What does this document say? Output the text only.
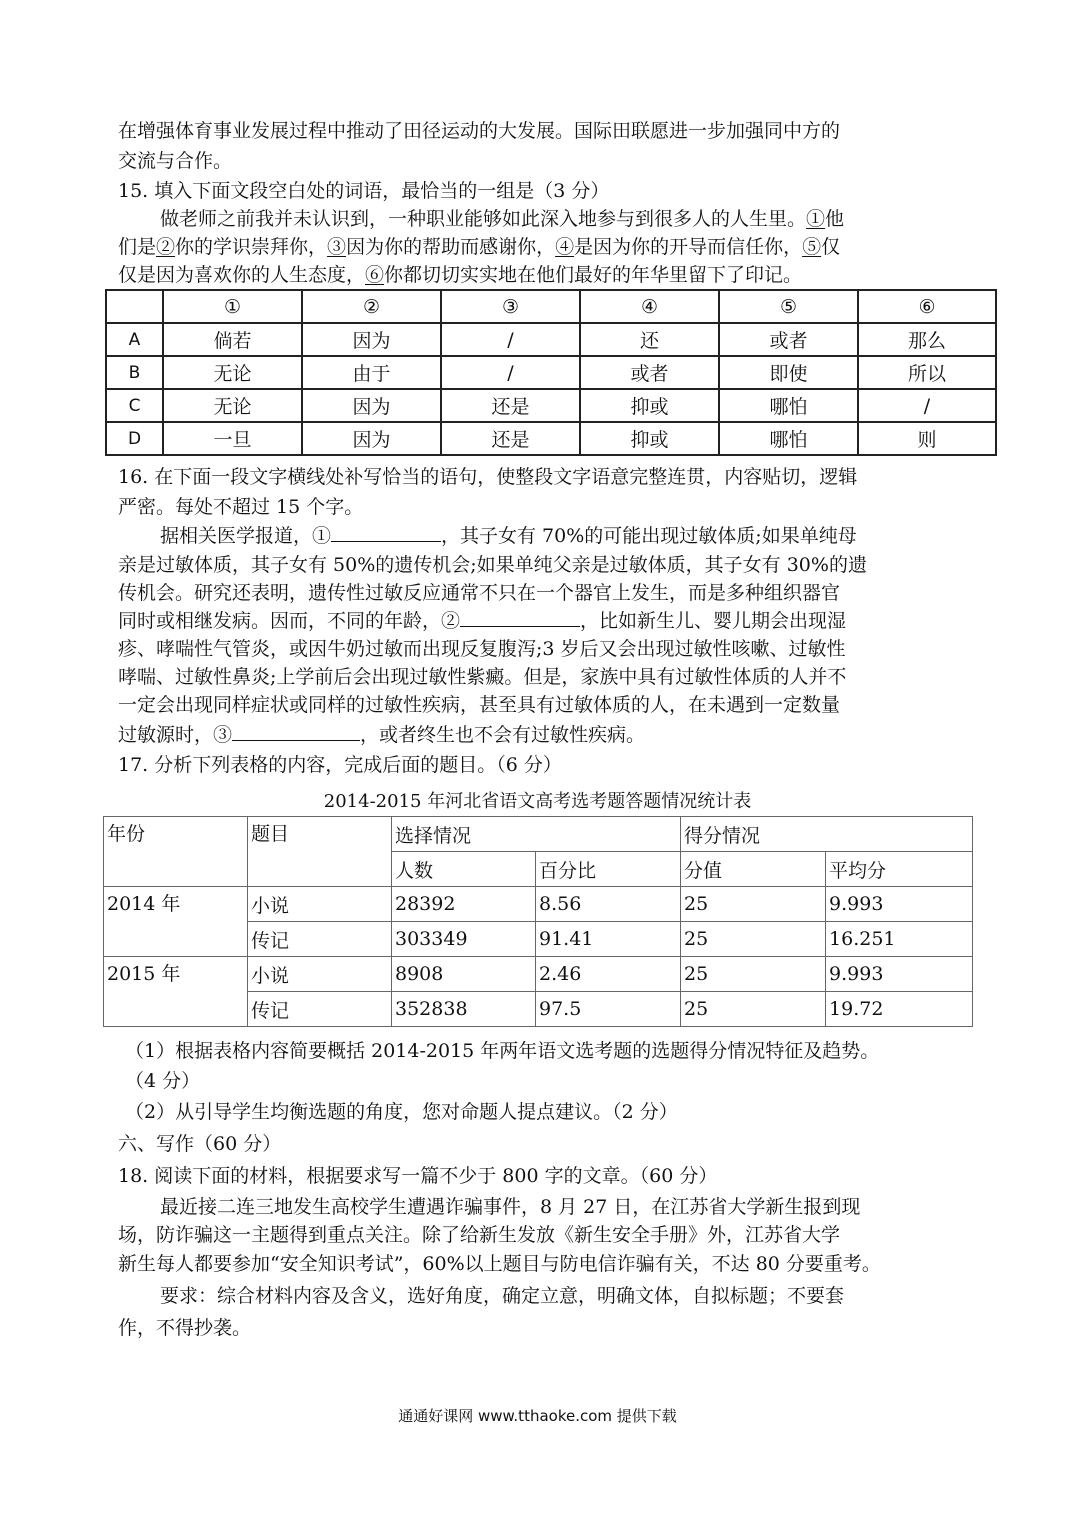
在增强体育事业发展过程中推动了田径运动的大发展。国际田联愿进一步加强同中方的
交流与合作。
15. 填入下面文段空白处的词语，最恰当的一组是（3 分）
做老师之前我并未认识到，一种职业能够如此深入地参与到很多人的人生里。①他
们是②你的学识崇拜你，③因为你的帮助而感谢你，④是因为你的开导而信任你，⑤仅
仅是因为喜欢你的人生态度，⑥你都切切实实地在他们最好的年华里留下了印记。
	①	②	③	④	⑤	⑥
A	倘若	因为	/	还	或者	那么
B	无论	由于	/	或者	即使	所以
C	无论	因为	还是	抑或	哪怕	/
D	一旦	因为	还是	抑或	哪怕	则
16. 在下面一段文字横线处补写恰当的语句，使整段文字语意完整连贯，内容贴切，逻辑
严密。每处不超过 15 个字。
据相关医学报道，①	，其子女有 70%的可能出现过敏体质;如果单纯母
亲是过敏体质，其子女有 50%的遗传机会;如果单纯父亲是过敏体质，其子女有 30%的遗
传机会。研究还表明，遗传性过敏反应通常不只在一个器官上发生，而是多种组织器官
同时或相继发病。因而，不同的年龄，②	，比如新生儿、婴儿期会出现湿
疹、哮喘性气管炎，或因牛奶过敏而出现反复腹泻;3 岁后又会出现过敏性咳嗽、过敏性
哮喘、过敏性鼻炎;上学前后会出现过敏性紫癜。但是，家族中具有过敏性体质的人并不
一定会出现同样症状或同样的过敏性疾病，甚至具有过敏体质的人，在未遇到一定数量
过敏源时，③	，或者终生也不会有过敏性疾病。
17. 分析下列表格的内容，完成后面的题目。（6 分）
2014-2015 年河北省语文高考选考题答题情况统计表
年份	题目	选择情况		得分情况	
		人数	百分比	分值	平均分
2014 年	小说	28392	8.56	25	9.993
	传记	303349	91.41	25	16.251
2015 年	小说	8908	2.46	25	9.993
	传记	352838	97.5	25	19.72
（1）根据表格内容简要概括 2014-2015 年两年语文选考题的选题得分情况特征及趋势。
（4 分）
（2）从引导学生均衡选题的角度，您对命题人提点建议。（2 分）
六、写作（60 分）
18. 阅读下面的材料，根据要求写一篇不少于 800 字的文章。（60 分）
最近接二连三地发生高校学生遭遇诈骗事件，8 月 27 日，在江苏省大学新生报到现
场，防诈骗这一主题得到重点关注。除了给新生发放《新生安全手册》外，江苏省大学
新生每人都要参加“安全知识考试”，60%以上题目与防电信诈骗有关，不达 80 分要重考。
要求：综合材料内容及含义，选好角度，确定立意，明确文体，自拟标题；不要套
作，不得抄袭。
通通好课网 www.tthaoke.com 提供下载
